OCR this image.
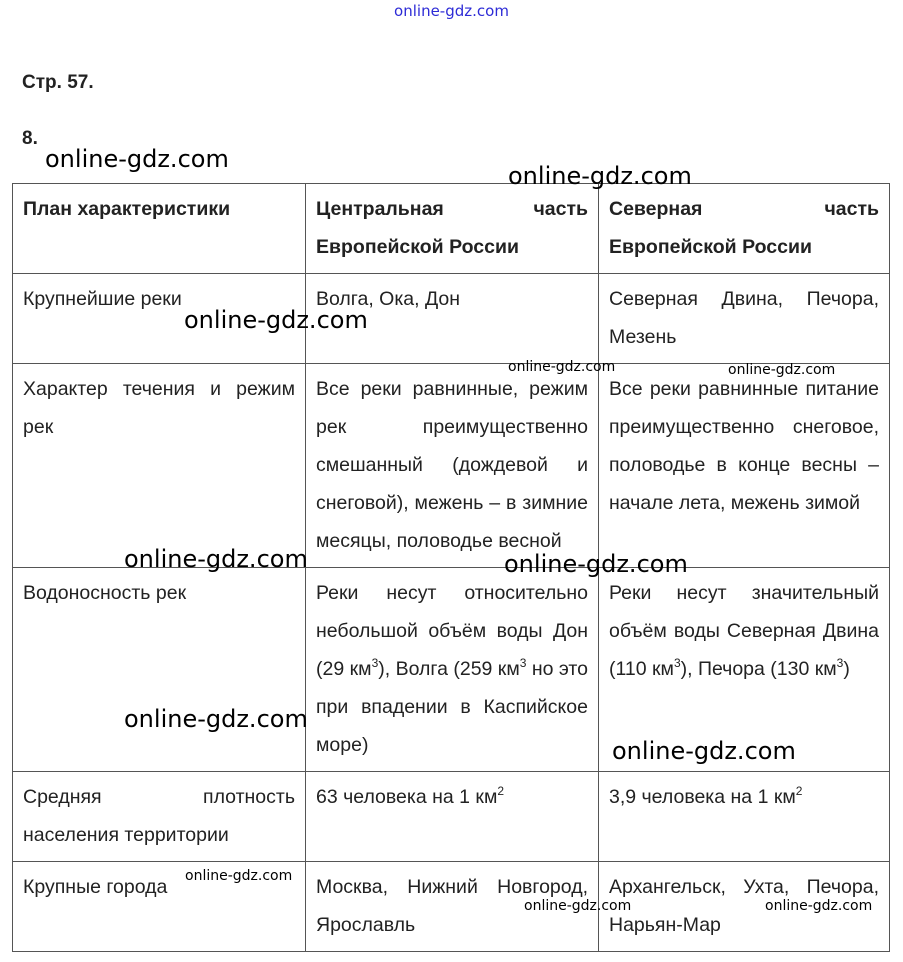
online-gdz.com
Стр. 57.
8.
План характеристики	Центральная часть Европейской России	Северная часть Европейской России
Крупнейшие реки	Волга, Ока, Дон	Северная Двина, Печора, Мезень
Характер течения и режим рек	Все реки равнинные, режим рек преимущественно смешанный (дождевой и снеговой), межень – в зимние месяцы, половодье весной	Все реки равнинные питание преимущественно снеговое, половодье в конце весны – начале лета, межень зимой
Водоносность рек	Реки несут относительно небольшой объём воды Дон (29 $км^3$), Волга (259 $км^3$ но это при впадении в Каспийское море)	Реки несут значительный объём воды Северная Двина (110 $км^3$), Печора (130 $км^3$)
Средняя плотность населения территории	63 человека на 1 $км^2$	3,9 человека на 1 $км^2$
Крупные города	Москва, Нижний Новгород, Ярославль	Архангельск, Ухта, Печора, Нарьян-Мар
online-gdz.com
online-gdz.com
online-gdz.com
online-gdz.com	online-gdz.com
online-gdz.com	online-gdz.com
online-gdz.com
online-gdz.com
online-gdz.com
online-gdz.com	online-gdz.com
